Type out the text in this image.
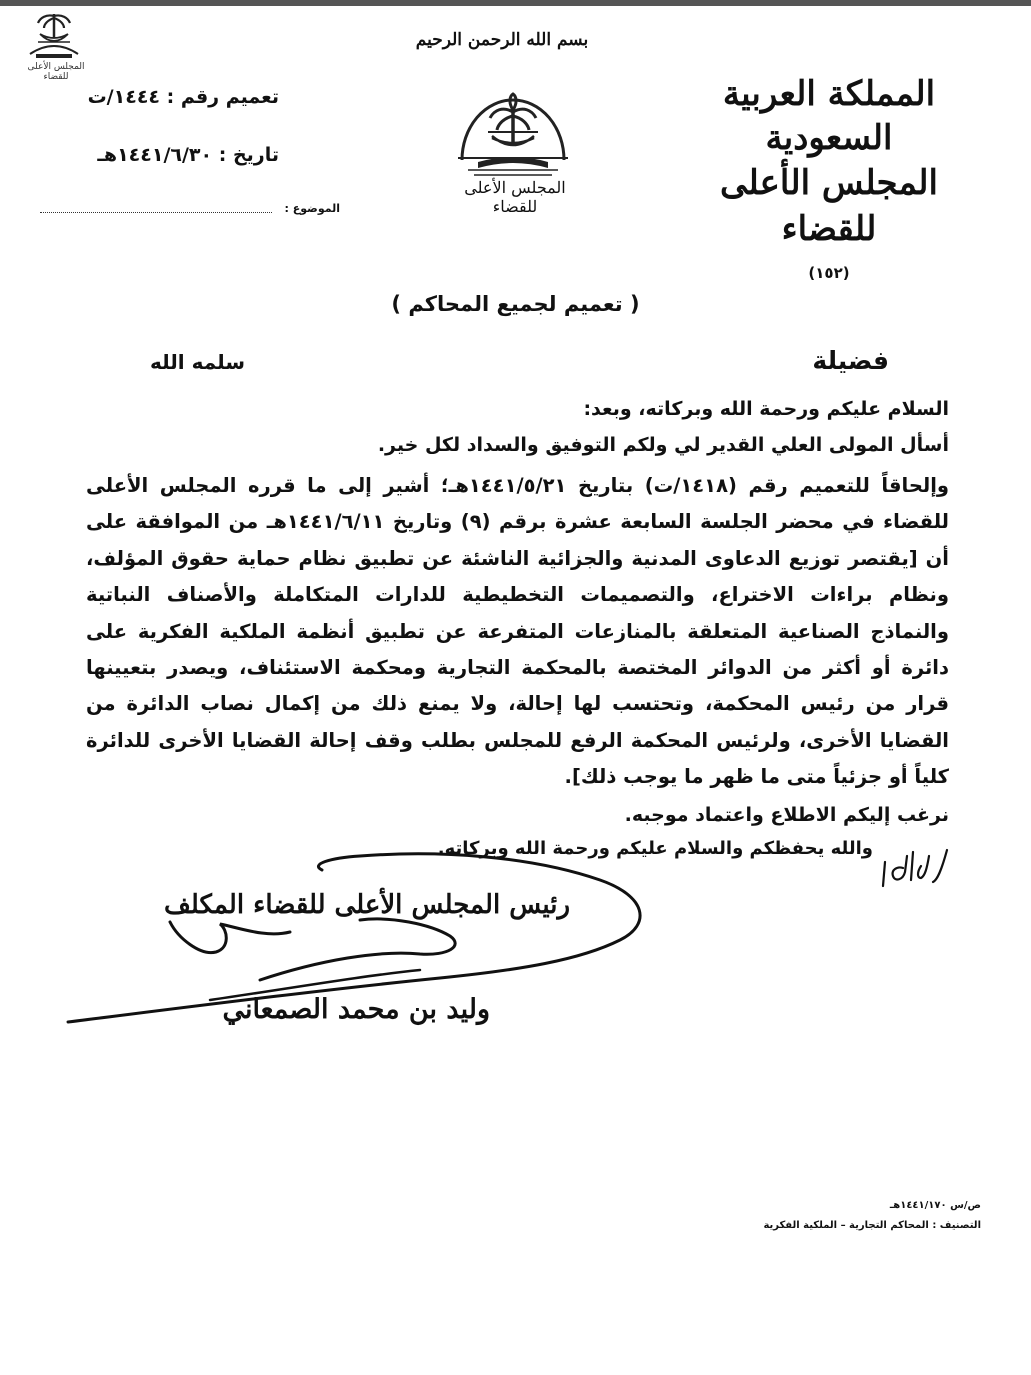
المجلس الأعلى للقضاء	المملكة العربية السعودية
المجلس الأعلى للقضاء
(١٥٢)
بسم الله الرحمن الرحيم
المجلس الأعلى للقضاء
تعميم رقم : ١٤٤٤/ت
تاريخ : ١٤٤١/٦/٣٠هـ
الموضوع :
( تعميم لجميع المحاكم )
فضيلة
سلمه الله
السلام عليكم ورحمة الله وبركاته، وبعد:
أسأل المولى العلي القدير لي ولكم التوفيق والسداد لكل خير.
وإلحاقاً للتعميم رقم (١٤١٨/ت) بتاريخ ١٤٤١/٥/٢١هـ؛ أشير إلى ما قرره المجلس الأعلى للقضاء في محضر الجلسة السابعة عشرة برقم (٩) وتاريخ ١٤٤١/٦/١١هـ من الموافقة على أن [يقتصر توزيع الدعاوى المدنية والجزائية الناشئة عن تطبيق نظام حماية حقوق المؤلف، ونظام براءات الاختراع، والتصميمات التخطيطية للدارات المتكاملة والأصناف النباتية والنماذج الصناعية المتعلقة بالمنازعات المتفرعة عن تطبيق أنظمة الملكية الفكرية على دائرة أو أكثر من الدوائر المختصة بالمحكمة التجارية ومحكمة الاستئناف، ويصدر بتعيينها قرار من رئيس المحكمة، وتحتسب لها إحالة، ولا يمنع ذلك من إكمال نصاب الدائرة من القضايا الأخرى، ولرئيس المحكمة الرفع للمجلس بطلب وقف إحالة القضايا الأخرى للدائرة كلياً أو جزئياً متى ما ظهر ما يوجب ذلك].
نرغب إليكم الاطلاع واعتماد موجبه.
والله يحفظكم والسلام عليكم ورحمة الله وبركاته.
رئيس المجلس الأعلى للقضاء المكلف
وليد بن محمد الصمعاني
ص/س ١٤٤١/١٧٠هـ
التصنيف : المحاكم التجارية – الملكية الفكرية
